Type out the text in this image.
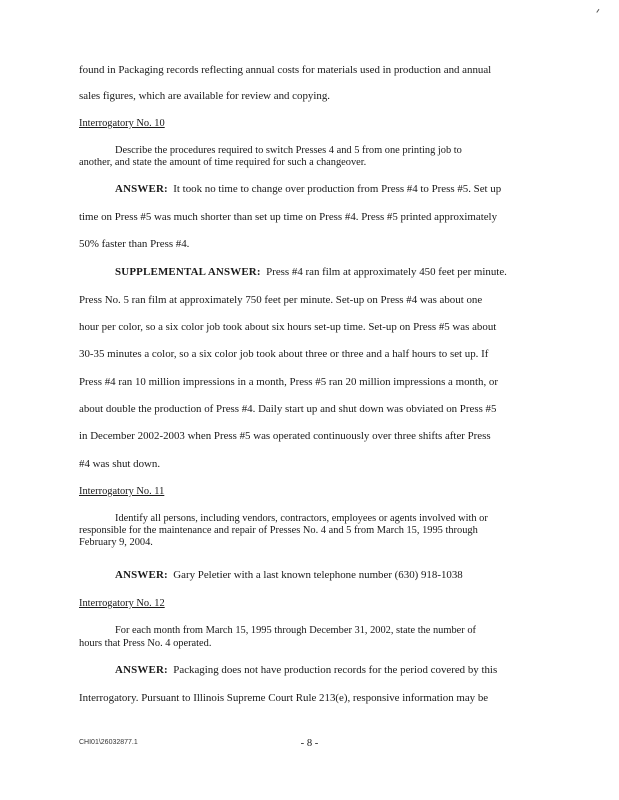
found in Packaging records reflecting annual costs for materials used in production and annual
sales figures, which are available for review and copying.
Interrogatory No. 10
Describe the procedures required to switch Presses 4 and 5 from one printing job to
another, and state the amount of time required for such a changeover.
ANSWER: It took no time to change over production from Press #4 to Press #5. Set up
time on Press #5 was much shorter than set up time on Press #4. Press #5 printed approximately
50% faster than Press #4.
SUPPLEMENTAL ANSWER: Press #4 ran film at approximately 450 feet per minute.
Press No. 5 ran film at approximately 750 feet per minute. Set-up on Press #4 was about one
hour per color, so a six color job took about six hours set-up time. Set-up on Press #5 was about
30-35 minutes a color, so a six color job took about three or three and a half hours to set up. If
Press #4 ran 10 million impressions in a month, Press #5 ran 20 million impressions a month, or
about double the production of Press #4. Daily start up and shut down was obviated on Press #5
in December 2002-2003 when Press #5 was operated continuously over three shifts after Press
#4 was shut down.
Interrogatory No. 11
Identify all persons, including vendors, contractors, employees or agents involved with or
responsible for the maintenance and repair of Presses No. 4 and 5 from March 15, 1995 through
February 9, 2004.
ANSWER: Gary Peletier with a last known telephone number (630) 918-1038
Interrogatory No. 12
For each month from March 15, 1995 through December 31, 2002, state the number of
hours that Press No. 4 operated.
ANSWER: Packaging does not have production records for the period covered by this
Interrogatory. Pursuant to Illinois Supreme Court Rule 213(e), responsive information may be
CHI01\26032877.1	- 8 -
